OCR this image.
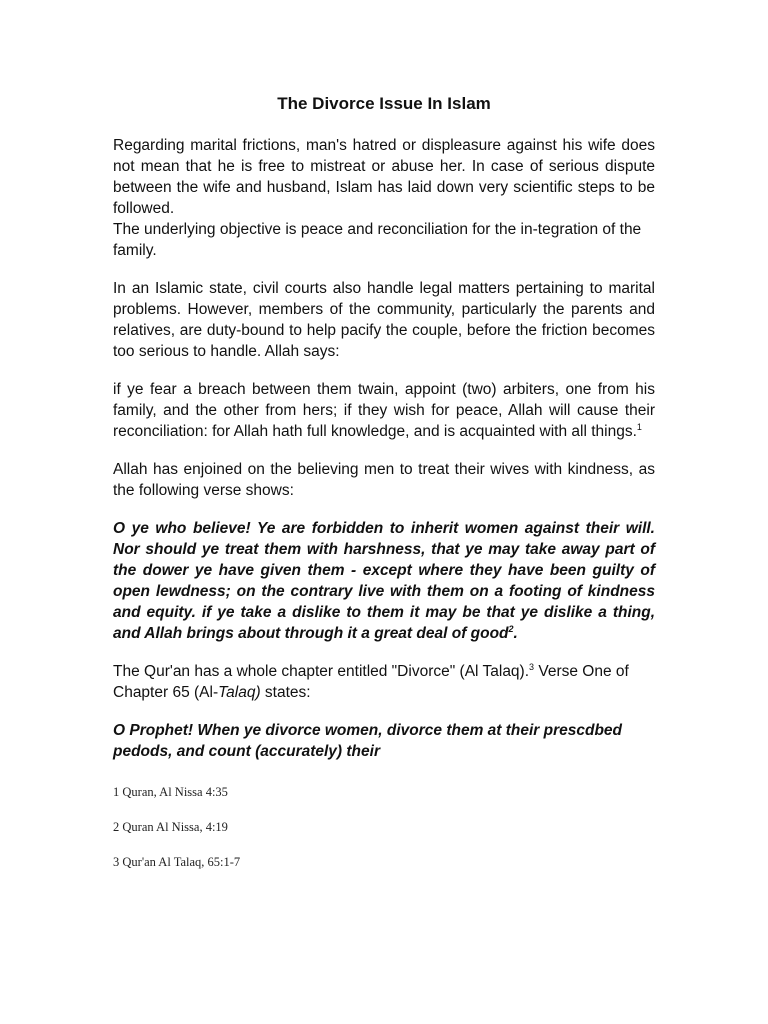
The Divorce Issue In Islam

Regarding marital frictions, man's hatred or displeasure against his wife does not mean that he is free to mistreat or abuse her. In case of serious dispute between the wife and husband, Islam has laid down very scientific steps to be followed.

The underlying objective is peace and reconciliation for the in-tegration of the family.

In an Islamic state, civil courts also handle legal matters pertaining to marital problems. However, members of the community, particularly the parents and relatives, are duty-bound to help pacify the couple, before the friction becomes too serious to handle. Allah says:

if ye fear a breach between them twain, appoint (two) arbiters, one from his family, and the other from hers; if they wish for peace, Allah will cause their reconciliation: for Allah hath full knowledge, and is acquainted with all things.$^1$

Allah has enjoined on the believing men to treat their wives with kindness, as the following verse shows:

O ye who believe! Ye are forbidden to inherit women against their will. Nor should ye treat them with harshness, that ye may take away part of the dower ye have given them - except where they have been guilty of open lewdness; on the contrary live with them on a footing of kindness and equity. if ye take a dislike to them it may be that ye dislike a thing, and Allah brings about through it a great deal of good$^2$.

The Qur'an has a whole chapter entitled "Divorce" (Al Talaq).$^3$ Verse One of Chapter 65 (Al-Talaq) states:

O Prophet! When ye divorce women, divorce them at their prescdbed pedods, and count (accurately) their

1 Quran, Al Nissa 4:35
2 Quran Al Nissa, 4:19
3 Qur'an Al Talaq, 65:1-7
